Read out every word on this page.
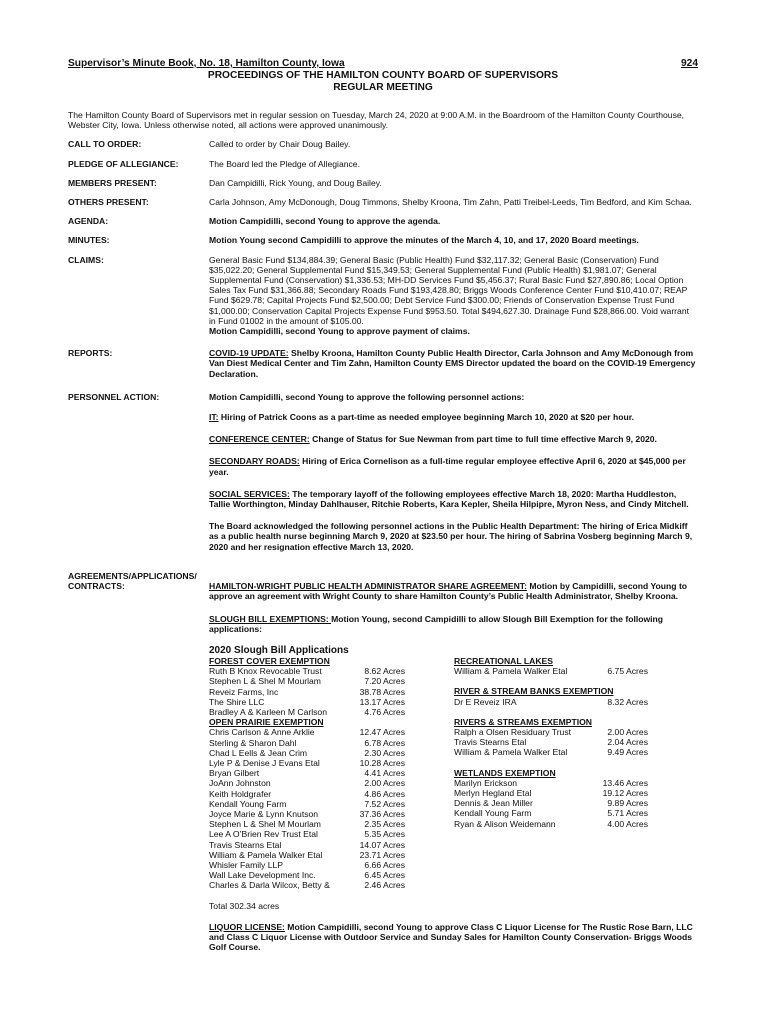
Supervisor’s Minute Book, No. 18, Hamilton County, Iowa	924
PROCEEDINGS OF THE HAMILTON COUNTY BOARD OF SUPERVISORS
REGULAR MEETING
The Hamilton County Board of Supervisors met in regular session on Tuesday, March 24, 2020 at 9:00 A.M. in the Boardroom of the Hamilton County Courthouse, Webster City, Iowa. Unless otherwise noted, all actions were approved unanimously.
CALL TO ORDER:	Called to order by Chair Doug Bailey.
PLEDGE OF ALLEGIANCE:	The Board led the Pledge of Allegiance.
MEMBERS PRESENT:	Dan Campidilli, Rick Young, and Doug Bailey.
OTHERS PRESENT:	Carla Johnson, Amy McDonough, Doug Timmons, Shelby Kroona, Tim Zahn, Patti Treibel-Leeds, Tim Bedford, and Kim Schaa.
AGENDA:	Motion Campidilli, second Young to approve the agenda.
MINUTES:	Motion Young second Campidilli to approve the minutes of the March 4, 10, and 17, 2020 Board meetings.
CLAIMS:	General Basic Fund $134,884.39; General Basic (Public Health) Fund $32,117.32; General Basic (Conservation) Fund $35,022.20; General Supplemental Fund $15,349.53; General Supplemental Fund (Public Health) $1,981.07; General Supplemental Fund (Conservation) $1,336.53; MH-DD Services Fund $5,456.37; Rural Basic Fund $27,890.86; Local Option Sales Tax Fund $31,366.88; Secondary Roads Fund $193,428.80; Briggs Woods Conference Center Fund $10,410.07; REAP Fund $629.78; Capital Projects Fund $2,500.00; Debt Service Fund $300.00; Friends of Conservation Expense Trust Fund $1,000.00; Conservation Capital Projects Expense Fund $953.50. Total $494,627.30. Drainage Fund $28,866.00. Void warrant in Fund 01002 in the amount of $105.00.
Motion Campidilli, second Young to approve payment of claims.
REPORTS:	COVID-19 UPDATE: Shelby Kroona, Hamilton County Public Health Director, Carla Johnson and Amy McDonough from Van Diest Medical Center and Tim Zahn, Hamilton County EMS Director updated the board on the COVID-19 Emergency Declaration.
PERSONNEL ACTION:	Motion Campidilli, second Young to approve the following personnel actions:
IT: Hiring of Patrick Coons as a part-time as needed employee beginning March 10, 2020 at $20 per hour.
CONFERENCE CENTER: Change of Status for Sue Newman from part time to full time effective March 9, 2020.
SECONDARY ROADS: Hiring of Erica Cornelison as a full-time regular employee effective April 6, 2020 at $45,000 per year.
SOCIAL SERVICES: The temporary layoff of the following employees effective March 18, 2020: Martha Huddleston, Tallie Worthington, Minday Dahlhauser, Ritchie Roberts, Kara Kepler, Sheila Hilpipre, Myron Ness, and Cindy Mitchell.
The Board acknowledged the following personnel actions in the Public Health Department: The hiring of Erica Midkiff as a public health nurse beginning March 9, 2020 at $23.50 per hour. The hiring of Sabrina Vosberg beginning March 9, 2020 and her resignation effective March 13, 2020.
AGREEMENTS/APPLICATIONS/
CONTRACTS:	HAMILTON-WRIGHT PUBLIC HEALTH ADMINISTRATOR SHARE AGREEMENT: Motion by Campidilli, second Young to approve an agreement with Wright County to share Hamilton County’s Public Health Administrator, Shelby Kroona.
SLOUGH BILL EXEMPTIONS: Motion Young, second Campidilli to allow Slough Bill Exemption for the following applications:
2020 Slough Bill Applications
FOREST COVER EXEMPTION
Ruth B Knox Revocable Trust	8.62 Acres
Stephen L & Shel M Mourlam	7.20 Acres
Reveiz Farms, Inc	38.78 Acres
The Shire LLC	13.17 Acres
Bradley A & Karleen M Carlson	4.76 Acres
OPEN PRAIRIE EXEMPTION
Chris Carlson & Anne Arklie	12.47 Acres
Sterling & Sharon Dahl	6.78 Acres
Chad L Eells & Jean Crim	2.30 Acres
Lyle P & Denise J Evans Etal	10.28 Acres
Bryan Gilbert	4.41 Acres
JoAnn Johnston	2.00 Acres
Keith Holdgrafer	4.86 Acres
Kendall Young Farm	7.52 Acres
Joyce Marie & Lynn Knutson	37.36 Acres
Stephen L & Shel M Mourlam	2.35 Acres
Lee A O’Brien Rev Trust Etal	5.35 Acres
Travis Stearns Etal	14.07 Acres
William & Pamela Walker Etal	23.71 Acres
Whisler Family LLP	6.66 Acres
Wall Lake Development Inc.	6.45 Acres
Charles & Darla Wilcox, Betty &	2.46 Acres
RECREATIONAL LAKES
William & Pamela Walker Etal	6.75 Acres
RIVER & STREAM BANKS EXEMPTION
Dr E Reveiz IRA	8.32 Acres
RIVERS & STREAMS EXEMPTION
Ralph a Olsen Residuary Trust	2.00 Acres
Travis Stearns Etal	2.04 Acres
William & Pamela Walker Etal	9.49 Acres
WETLANDS EXEMPTION
Marilyn Erickson	13.46 Acres
Merlyn Hegland Etal	19.12 Acres
Dennis & Jean Miller	9.89 Acres
Kendall Young Farm	5.71 Acres
Ryan & Alison Weidemann	4.00 Acres
Total 302.34 acres
LIQUOR LICENSE: Motion Campidilli, second Young to approve Class C Liquor License for The Rustic Rose Barn, LLC and Class C Liquor License with Outdoor Service and Sunday Sales for Hamilton County Conservation- Briggs Woods Golf Course.
